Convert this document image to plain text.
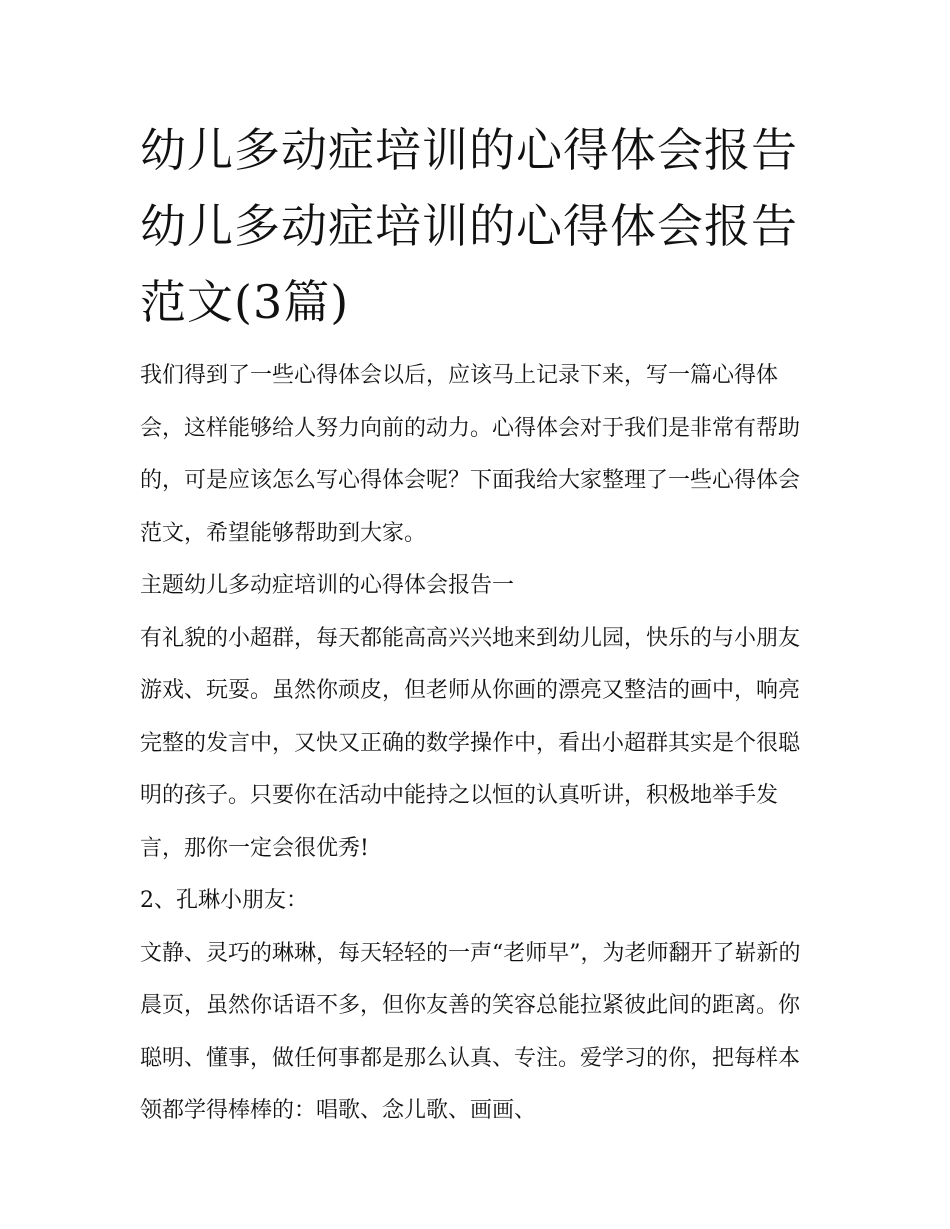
幼儿多动症培训的心得体会报告 幼儿多动症培训的心得体会报告范文(3篇)

我们得到了一些心得体会以后，应该马上记录下来，写一篇心得体会，这样能够给人努力向前的动力。心得体会对于我们是非常有帮助的，可是应该怎么写心得体会呢？下面我给大家整理了一些心得体会范文，希望能够帮助到大家。

主题幼儿多动症培训的心得体会报告一

有礼貌的小超群，每天都能高高兴兴地来到幼儿园，快乐的与小朋友游戏、玩耍。虽然你顽皮，但老师从你画的漂亮又整洁的画中，响亮完整的发言中，又快又正确的数学操作中，看出小超群其实是个很聪明的孩子。只要你在活动中能持之以恒的认真听讲，积极地举手发言，那你一定会很优秀!

2、孔琳小朋友：

文静、灵巧的琳琳，每天轻轻的一声“老师早”，为老师翻开了崭新的晨页，虽然你话语不多，但你友善的笑容总能拉紧彼此间的距离。你聪明、懂事，做任何事都是那么认真、专注。爱学习的你，把每样本领都学得棒棒的：唱歌、念儿歌、画画、
